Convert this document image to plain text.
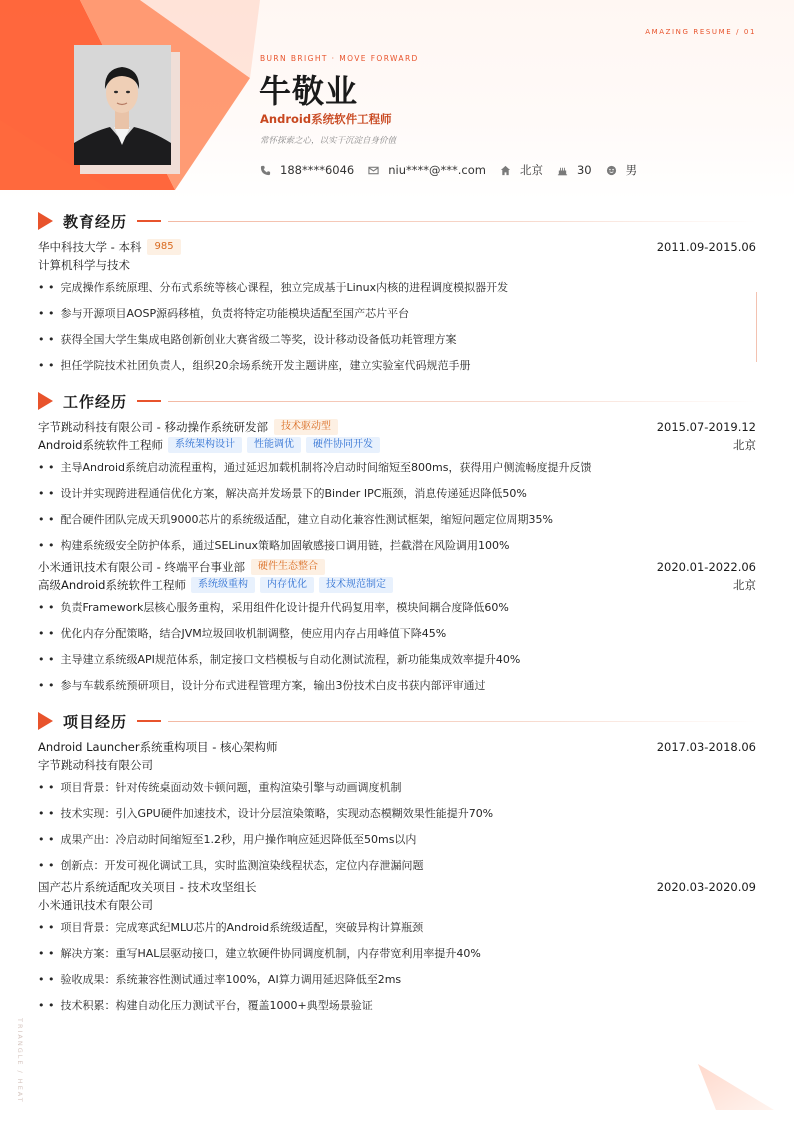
AMAZING RESUME / 01
BURN BRIGHT · MOVE FORWARD
牛敬业
Android系统软件工程师
常怀探索之心，以实干沉淀自身价值
188****6046	niu****@***.com	北京	30	男
教育经历
华中科技大学 - 本科	985	2011.09-2015.06
计算机科学与技术
• • 完成操作系统原理、分布式系统等核心课程，独立完成基于Linux内核的进程调度模拟器开发
• • 参与开源项目AOSP源码移植，负责将特定功能模块适配至国产芯片平台
• • 获得全国大学生集成电路创新创业大赛省级二等奖，设计移动设备低功耗管理方案
• • 担任学院技术社团负责人，组织20余场系统开发主题讲座，建立实验室代码规范手册
工作经历
字节跳动科技有限公司 - 移动操作系统研发部	技术驱动型	2015.07-2019.12
Android系统软件工程师	系统架构设计	性能调优	硬件协同开发	北京
• • 主导Android系统启动流程重构，通过延迟加载机制将冷启动时间缩短至800ms，获得用户侧流畅度提升反馈
• • 设计并实现跨进程通信优化方案，解决高并发场景下的Binder IPC瓶颈，消息传递延迟降低50%
• • 配合硬件团队完成天玑9000芯片的系统级适配，建立自动化兼容性测试框架，缩短问题定位周期35%
• • 构建系统级安全防护体系，通过SELinux策略加固敏感接口调用链，拦截潜在风险调用100%
小米通讯技术有限公司 - 终端平台事业部	硬件生态整合	2020.01-2022.06
高级Android系统软件工程师	系统级重构	内存优化	技术规范制定	北京
• • 负责Framework层核心服务重构，采用组件化设计提升代码复用率，模块间耦合度降低60%
• • 优化内存分配策略，结合JVM垃圾回收机制调整，使应用内存占用峰值下降45%
• • 主导建立系统级API规范体系，制定接口文档模板与自动化测试流程，新功能集成效率提升40%
• • 参与车载系统预研项目，设计分布式进程管理方案，输出3份技术白皮书获内部评审通过
项目经历
Android Launcher系统重构项目 - 核心架构师	2017.03-2018.06
字节跳动科技有限公司
• • 项目背景：针对传统桌面动效卡顿问题，重构渲染引擎与动画调度机制
• • 技术实现：引入GPU硬件加速技术，设计分层渲染策略，实现动态模糊效果性能提升70%
• • 成果产出：冷启动时间缩短至1.2秒，用户操作响应延迟降低至50ms以内
• • 创新点：开发可视化调试工具，实时监测渲染线程状态，定位内存泄漏问题
国产芯片系统适配攻关项目 - 技术攻坚组长	2020.03-2020.09
小米通讯技术有限公司
• • 项目背景：完成寒武纪MLU芯片的Android系统级适配，突破异构计算瓶颈
• • 解决方案：重写HAL层驱动接口，建立软硬件协同调度机制，内存带宽利用率提升40%
• • 验收成果：系统兼容性测试通过率100%，AI算力调用延迟降低至2ms
• • 技术积累：构建自动化压力测试平台，覆盖1000+典型场景验证
TRIANGLE / HEAT
